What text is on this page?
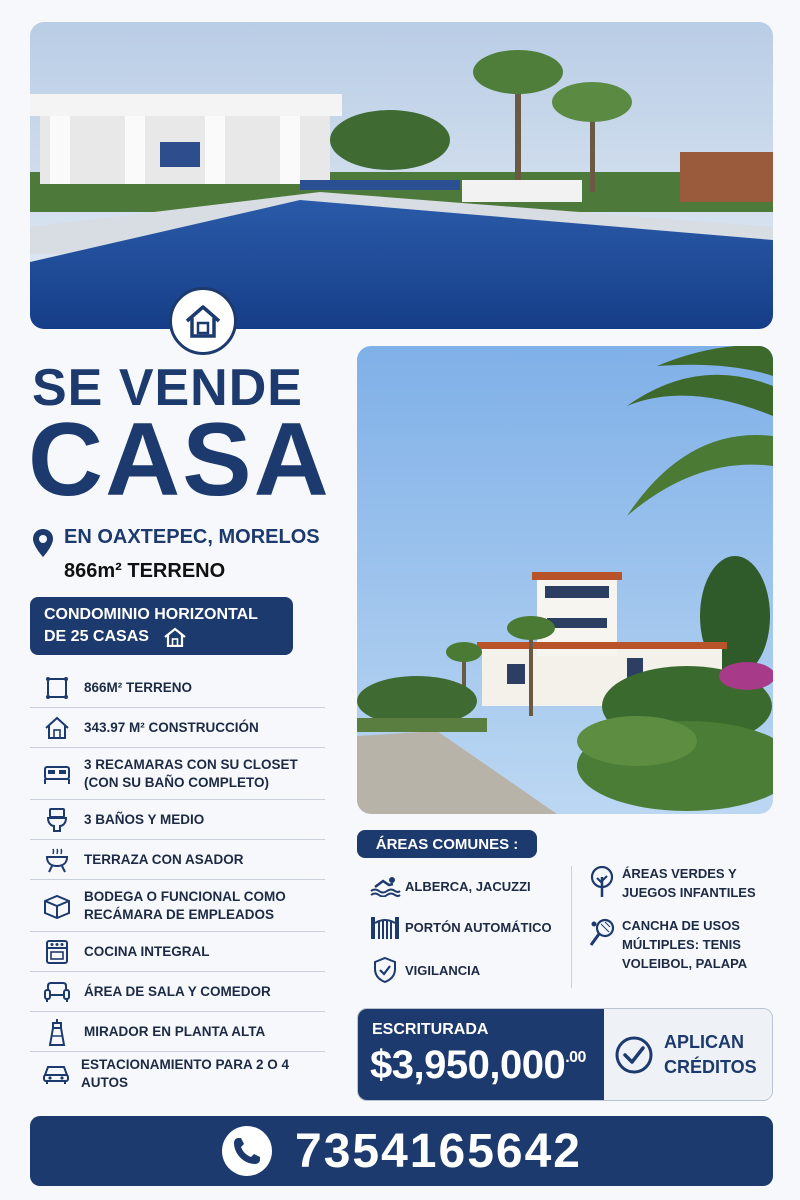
SE VENDE
CASA
EN OAXTEPEC, MORELOS
866m² TERRENO
CONDOMINIO HORIZONTAL
DE 25 CASAS
866M² TERRENO
343.97 M² CONSTRUCCIÓN
3 RECAMARAS CON SU CLOSET
(CON SU BAÑO COMPLETO)
3 BAÑOS Y MEDIO
TERRAZA CON ASADOR
BODEGA O FUNCIONAL COMO
RECÁMARA DE EMPLEADOS
COCINA INTEGRAL
ÁREA DE SALA Y COMEDOR
MIRADOR EN PLANTA ALTA
ESTACIONAMIENTO PARA 2 O 4 AUTOS
ÁREAS COMUNES :
ALBERCA, JACUZZI
PORTÓN AUTOMÁTICO
VIGILANCIA
ÁREAS VERDES Y
JUEGOS INFANTILES
CANCHA DE USOS
MÚLTIPLES: TENIS
VOLEIBOL, PALAPA
ESCRITURADA
$\$3,950,000^{.00}$
APLICAN
CRÉDITOS
7354165642
